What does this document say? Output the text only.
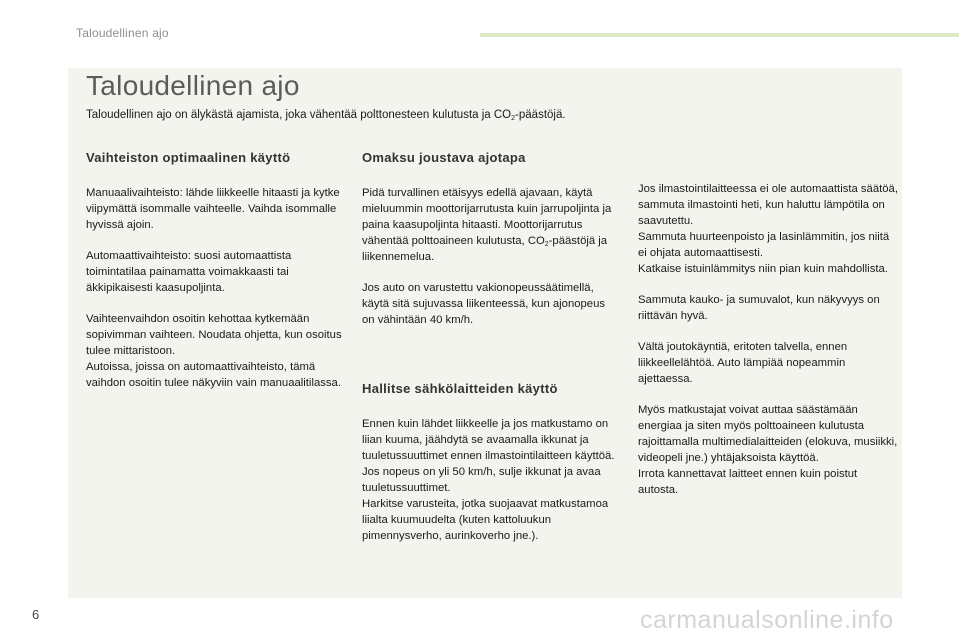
Taloudellinen ajo
Taloudellinen ajo

Taloudellinen ajo on älykästä ajamista, joka vähentää polttonesteen kulutusta ja $CO_2$-päästöjä.

Vaihteiston optimaalinen käyttö

Manuaalivaihteisto: lähde liikkeelle hitaasti ja kytke viipymättä isommalle vaihteelle. Vaihda isommalle hyvissä ajoin.

Automaattivaihteisto: suosi automaattista toimintatilaa painamatta voimakkaasti tai äkkipikaisesti kaasupoljinta.

Vaihteenvaihdon osoitin kehottaa kytkemään sopivimman vaihteen. Noudata ohjetta, kun osoitus tulee mittaristoon.
Autoissa, joissa on automaattivaihteisto, tämä vaihdon osoitin tulee näkyviin vain manuaalitilassa.

Omaksu joustava ajotapa

Pidä turvallinen etäisyys edellä ajavaan, käytä mieluummin moottorijarrutusta kuin jarrupoljinta ja paina kaasupoljinta hitaasti. Moottorijarrutus vähentää polttoaineen kulutusta, $CO_2$-päästöjä ja liikennemelua.

Jos auto on varustettu vakionopeussäätimellä, käytä sitä sujuvassa liikenteessä, kun ajonopeus on vähintään 40 km/h.

Hallitse sähkölaitteiden käyttö

Ennen kuin lähdet liikkeelle ja jos matkustamo on liian kuuma, jäähdytä se avaamalla ikkunat ja tuuletussuuttimet ennen ilmastointilaitteen käyttöä.
Jos nopeus on yli 50 km/h, sulje ikkunat ja avaa tuuletussuuttimet.
Harkitse varusteita, jotka suojaavat matkustamoa liialta kuumuudelta (kuten kattoluukun pimennysverho, aurinkoverho jne.).

Jos ilmastointilaitteessa ei ole automaattista säätöä, sammuta ilmastointi heti, kun haluttu lämpötila on saavutettu.
Sammuta huurteenpoisto ja lasinlämmitin, jos niitä ei ohjata automaattisesti.
Katkaise istuinlämmitys niin pian kuin mahdollista.

Sammuta kauko- ja sumuvalot, kun näkyvyys on riittävän hyvä.

Vältä joutokäyntiä, eritoten talvella, ennen liikkeellelähtöä. Auto lämpiää nopeammin ajettaessa.

Myös matkustajat voivat auttaa säästämään energiaa ja siten myös polttoaineen kulutusta rajoittamalla multimedialaitteiden (elokuva, musiikki, videopeli jne.) yhtäjaksoista käyttöä.
Irrota kannettavat laitteet ennen kuin poistut autosta.

6	carmanualsonline.info
